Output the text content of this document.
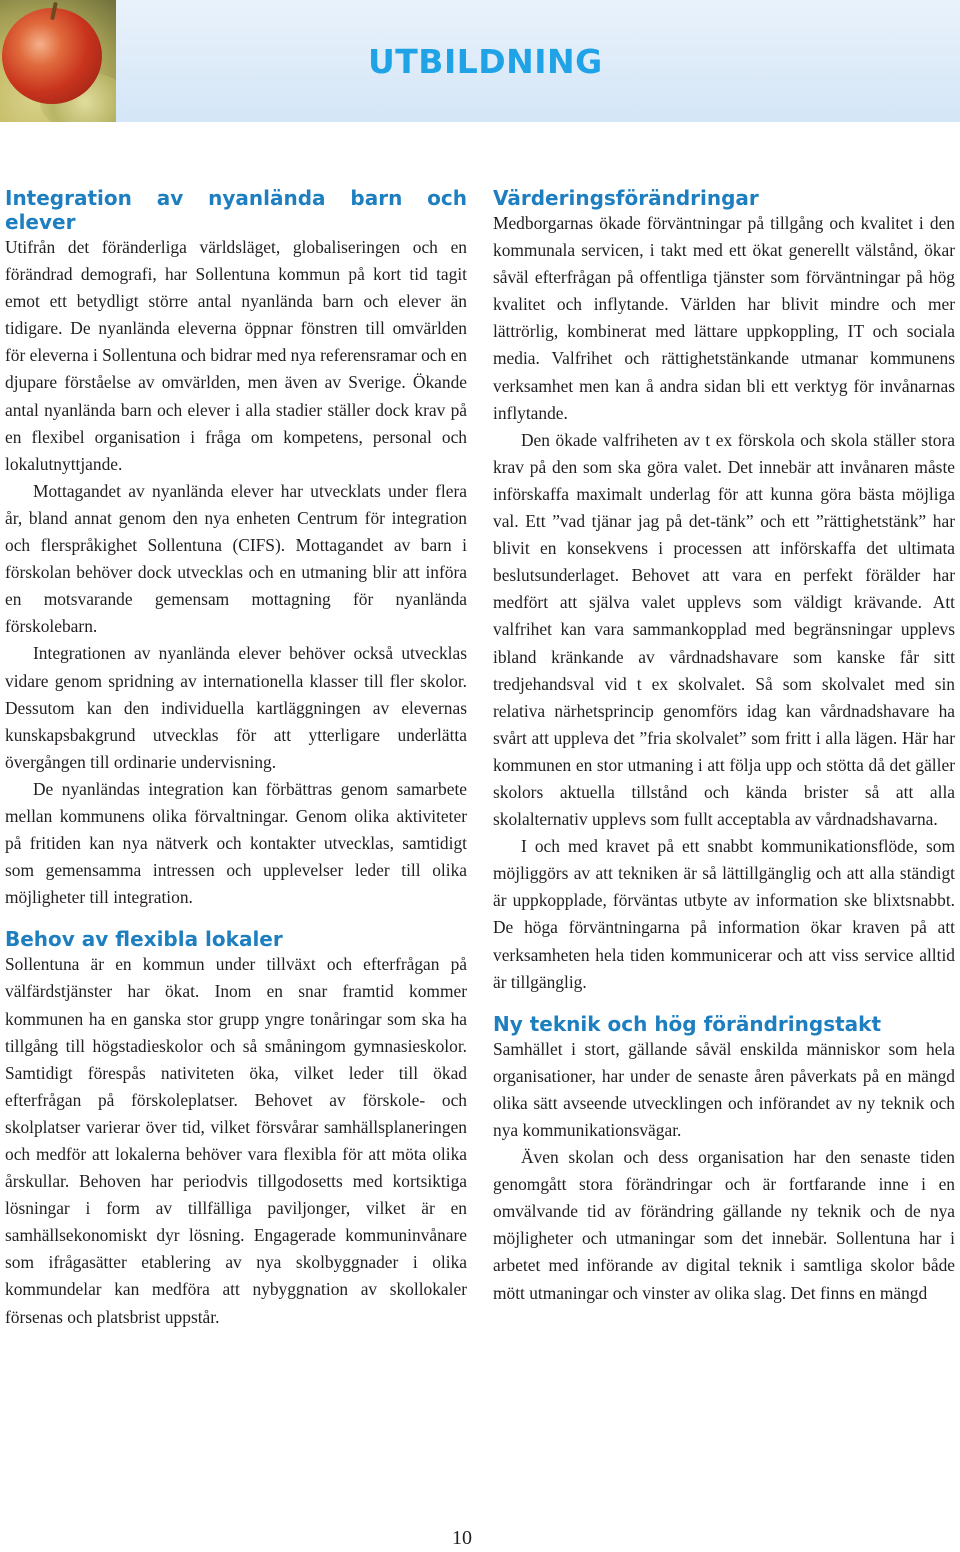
UTBILDNING
Integration av nyanlända barn och elever

Utifrån det föränderliga världsläget, globaliseringen och en förändrad demografi, har Sollentuna kommun på kort tid tagit emot ett betydligt större antal nyanlända barn och elever än tidigare. De nyanlända eleverna öppnar fönstren till omvärlden för eleverna i Sollentuna och bidrar med nya referensramar och en djupare förståelse av omvärlden, men även av Sverige. Ökande antal nyanlända barn och elever i alla stadier ställer dock krav på en flexibel organisation i fråga om kompetens, personal och lokalutnyttjande.

Mottagandet av nyanlända elever har utvecklats under flera år, bland annat genom den nya enheten Centrum för integration och flerspråkighet Sollentuna (CIFS). Mottagandet av barn i förskolan behöver dock utvecklas och en utmaning blir att införa en motsvarande gemensam mottagning för nyanlända förskolebarn.

Integrationen av nyanlända elever behöver också utvecklas vidare genom spridning av internationella klasser till fler skolor. Dessutom kan den individuella kartläggningen av elevernas kunskapsbakgrund utvecklas för att ytterligare underlätta övergången till ordinarie undervisning.

De nyanländas integration kan förbättras genom samarbete mellan kommunens olika förvaltningar. Genom olika aktiviteter på fritiden kan nya nätverk och kontakter utvecklas, samtidigt som gemensamma intressen och upplevelser leder till olika möjligheter till integration.

Behov av flexibla lokaler

Sollentuna är en kommun under tillväxt och efterfrågan på välfärdstjänster har ökat. Inom en snar framtid kommer kommunen ha en ganska stor grupp yngre tonåringar som ska ha tillgång till högstadieskolor och så småningom gymnasieskolor. Samtidigt förespås nativiteten öka, vilket leder till ökad efterfrågan på förskoleplatser. Behovet av förskole- och skolplatser varierar över tid, vilket försvårar samhällsplaneringen och medför att lokalerna behöver vara flexibla för att möta olika årskullar. Behoven har periodvis tillgodosetts med kortsiktiga lösningar i form av tillfälliga paviljonger, vilket är en samhällsekonomiskt dyr lösning. Engagerade kommuninvånare som ifrågasätter etablering av nya skolbyggnader i olika kommundelar kan medföra att nybyggnation av skollokaler försenas och platsbrist uppstår.

Värderingsförändringar

Medborgarnas ökade förväntningar på tillgång och kvalitet i den kommunala servicen, i takt med ett ökat generellt välstånd, ökar såväl efterfrågan på offentliga tjänster som förväntningar på hög kvalitet och inflytande. Världen har blivit mindre och mer lättrörlig, kombinerat med lättare uppkoppling, IT och sociala media. Valfrihet och rättighetstänkande utmanar kommunens verksamhet men kan å andra sidan bli ett verktyg för invånarnas inflytande.

Den ökade valfriheten av t ex förskola och skola ställer stora krav på den som ska göra valet. Det innebär att invånaren måste införskaffa maximalt underlag för att kunna göra bästa möjliga val. Ett ”vad tjänar jag på det-tänk” och ett ”rättighetstänk” har blivit en konsekvens i processen att införskaffa det ultimata beslutsunderlaget. Behovet att vara en perfekt förälder har medfört att själva valet upplevs som väldigt krävande. Att valfrihet kan vara sammankopplad med begränsningar upplevs ibland kränkande av vårdnadshavare som kanske får sitt tredjehandsval vid t ex skolvalet. Så som skolvalet med sin relativa närhetsprincip genomförs idag kan vårdnadshavare ha svårt att uppleva det ”fria skolvalet” som fritt i alla lägen. Här har kommunen en stor utmaning i att följa upp och stötta då det gäller skolors aktuella tillstånd och kända brister så att alla skolalternativ upplevs som fullt acceptabla av vårdnadshavarna.

I och med kravet på ett snabbt kommunikationsflöde, som möjliggörs av att tekniken är så lättillgänglig och att alla ständigt är uppkopplade, förväntas utbyte av information ske blixtsnabbt. De höga förväntningarna på information ökar kraven på att verksamheten hela tiden kommunicerar och att viss service alltid är tillgänglig.

Ny teknik och hög förändringstakt

Samhället i stort, gällande såväl enskilda människor som hela organisationer, har under de senaste åren påverkats på en mängd olika sätt avseende utvecklingen och införandet av ny teknik och nya kommunikationsvägar.

Även skolan och dess organisation har den senaste tiden genomgått stora förändringar och är fortfarande inne i en omvälvande tid av förändring gällande ny teknik och de nya möjligheter och utmaningar som det innebär. Sollentuna har i arbetet med införande av digital teknik i samtliga skolor både mött utmaningar och vinster av olika slag. Det finns en mängd

10
